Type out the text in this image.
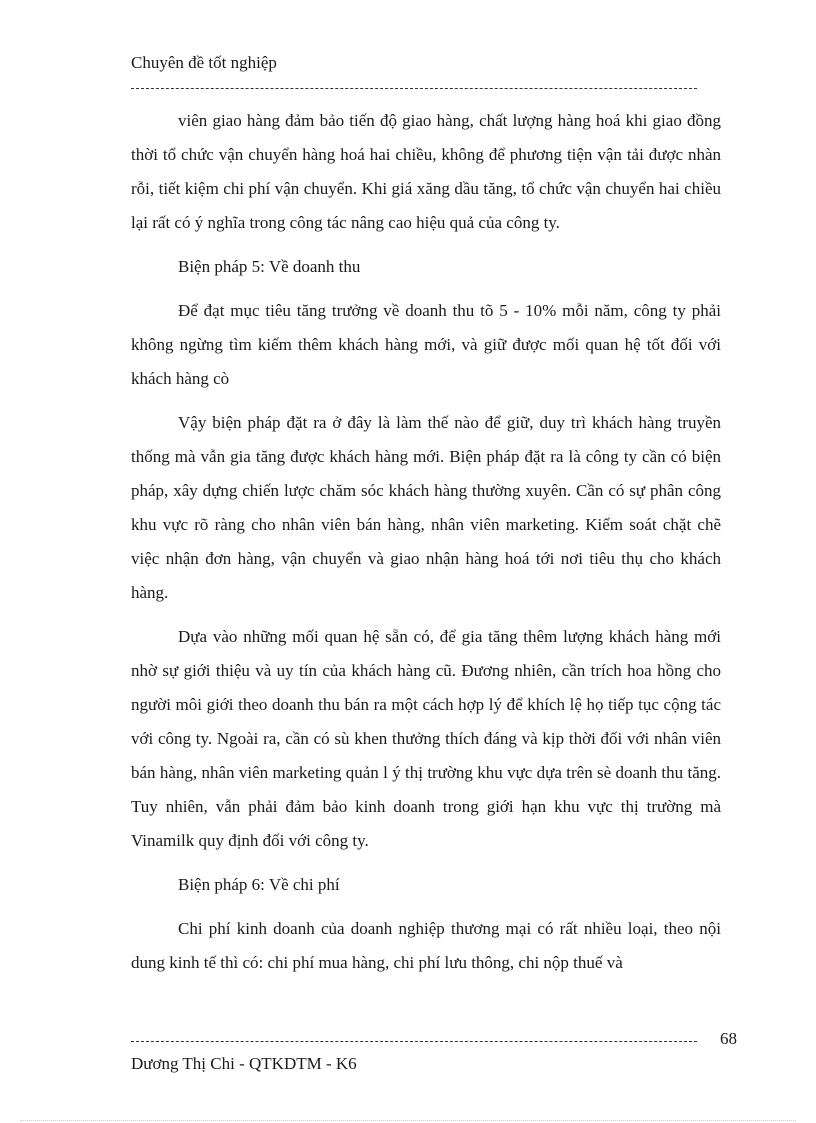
Chuyên đề tốt nghiệp

viên giao hàng đảm bảo tiến độ giao hàng, chất lượng hàng hoá khi giao đồng thời tổ chức vận chuyển hàng hoá hai chiều, không để phương tiện vận tải được nhàn rỗi, tiết kiệm chi phí vận chuyển. Khi giá xăng dầu tăng, tổ chức vận chuyển hai chiều lại rất có ý nghĩa trong công tác nâng cao hiệu quả của công ty.

Biện pháp 5: Về doanh thu

Để đạt mục tiêu tăng trưởng về doanh thu tõ 5 - 10% mỗi năm, công ty phải không ngừng tìm kiếm thêm khách hàng mới, và giữ được mối quan hệ tốt đối với khách hàng cò

Vậy biện pháp đặt ra ở đây là làm thế nào để giữ, duy trì khách hàng truyền thống mà vẫn gia tăng được khách hàng mới. Biện pháp đặt ra là công ty cần có biện pháp, xây dựng chiến lược chăm sóc khách hàng thường xuyên. Cần có sự phân công khu vực rõ ràng cho nhân viên bán hàng, nhân viên marketing. Kiểm soát chặt chẽ việc nhận đơn hàng, vận chuyển và giao nhận hàng hoá tới nơi tiêu thụ cho khách hàng.

Dựa vào những mối quan hệ sẵn có, để gia tăng thêm lượng khách hàng mới nhờ sự giới thiệu và uy tín của khách hàng cũ. Đương nhiên, cần trích hoa hồng cho người môi giới theo doanh thu bán ra một cách hợp lý để khích lệ họ tiếp tục cộng tác với công ty. Ngoài ra, cần có sù khen thưởng thích đáng và kịp thời đối với nhân viên bán hàng, nhân viên marketing quản l ý thị trường khu vực dựa trên sè doanh thu tăng. Tuy nhiên, vẫn phải đảm bảo kinh doanh trong giới hạn khu vực thị trường mà Vinamilk quy định đối với công ty.

Biện pháp 6: Về chi phí

Chi phí kinh doanh của doanh nghiệp thương mại có rất nhiều loại, theo nội dung kinh tế thì có: chi phí mua hàng, chi phí lưu thông, chi nộp thuế và

68
Dương Thị Chi - QTKDTM - K6
